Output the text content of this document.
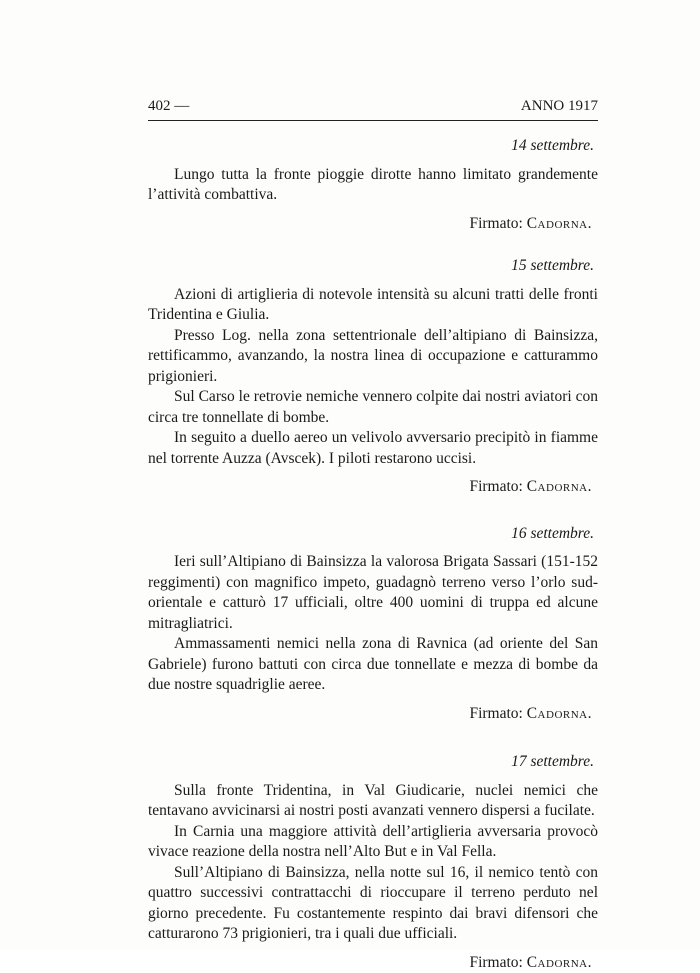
402 —	ANNO 1917
14 settembre.

Lungo tutta la fronte pioggie dirotte hanno limitato grandemente l’attività combattiva.

Firmato: Cadorna.
15 settembre.

Azioni di artiglieria di notevole intensità su alcuni tratti delle fronti Tridentina e Giulia.

Presso Log. nella zona settentrionale dell’altipiano di Bainsizza, rettificammo, avanzando, la nostra linea di occupazione e catturammo prigionieri.

Sul Carso le retrovie nemiche vennero colpite dai nostri aviatori con circa tre tonnellate di bombe.

In seguito a duello aereo un velivolo avversario precipitò in fiamme nel torrente Auzza (Avscek). I piloti restarono uccisi.

Firmato: Cadorna.
16 settembre.

Ieri sull’Altipiano di Bainsizza la valorosa Brigata Sassari (151-152 reggimenti) con magnifico impeto, guadagnò terreno verso l’orlo sud-orientale e catturò 17 ufficiali, oltre 400 uomini di truppa ed alcune mitragliatrici.

Ammassamenti nemici nella zona di Ravnica (ad oriente del San Gabriele) furono battuti con circa due tonnellate e mezza di bombe da due nostre squadriglie aeree.

Firmato: Cadorna.
17 settembre.

Sulla fronte Tridentina, in Val Giudicarie, nuclei nemici che tentavano avvicinarsi ai nostri posti avanzati vennero dispersi a fucilate.

In Carnia una maggiore attività dell’artiglieria avversaria provocò vivace reazione della nostra nell’Alto But e in Val Fella.

Sull’Altipiano di Bainsizza, nella notte sul 16, il nemico tentò con quattro successivi contrattacchi di rioccupare il terreno perduto nel giorno precedente. Fu costantemente respinto dai bravi difensori che catturarono 73 prigionieri, tra i quali due ufficiali.

Firmato: Cadorna.
